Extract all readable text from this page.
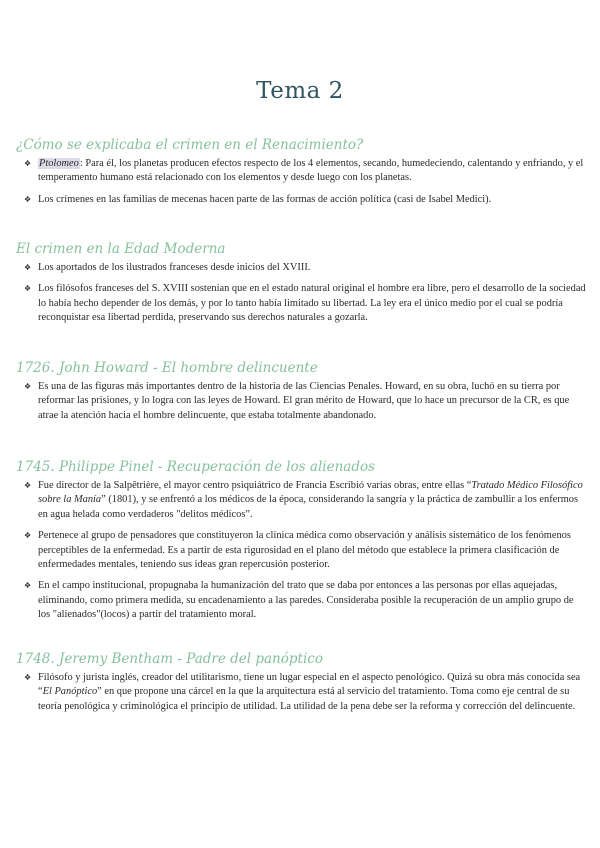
Tema 2
¿Cómo se explicaba el crimen en el Renacimiento?
❖ Ptolomeo: Para él, los planetas producen efectos respecto de los 4 elementos, secando, humedeciendo, calentando y enfriando, y el temperamento humano está relacionado con los elementos y desde luego con los planetas.
❖ Los crímenes en las familias de mecenas hacen parte de las formas de acción política (casi de Isabel Medici).
El crimen en la Edad Moderna
❖ Los aportados de los ilustrados franceses desde inicios del XVIII.
❖ Los filósofos franceses del S. XVIII sostenían que en el estado natural original el hombre era libre, pero el desarrollo de la sociedad lo había hecho depender de los demás, y por lo tanto había limitado su libertad. La ley era el único medio por el cual se podría reconquistar esa libertad perdida, preservando sus derechos naturales a gozarla.
1726. John Howard - El hombre delincuente
❖ Es una de las figuras más importantes dentro de la historia de las Ciencias Penales. Howard, en su obra, luchó en su tierra por reformar las prisiones, y lo logra con las leyes de Howard. El gran mérito de Howard, que lo hace un precursor de la CR, es que atrae la atención hacia el hombre delincuente, que estaba totalmente abandonado.
1745. Philippe Pinel - Recuperación de los alienados
❖ Fue director de la Salpêtrière, el mayor centro psiquiátrico de Francia Escribió varias obras, entre ellas “Tratado Médico Filosófico sobre la Manía” (1801), y se enfrentó a los médicos de la época, considerando la sangría y la práctica de zambullir a los enfermos en agua helada como verdaderos "delitos médicos”.
❖ Pertenece al grupo de pensadores que constituyeron la clínica médica como observación y análisis sistemático de los fenómenos perceptibles de la enfermedad. Es a partir de esta rigurosidad en el plano del método que establece la primera clasificación de enfermedades mentales, teniendo sus ideas gran repercusión posterior.
❖ En el campo institucional, propugnaba la humanización del trato que se daba por entonces a las personas por ellas aquejadas, eliminando, como primera medida, su encadenamiento a las paredes. Consideraba posible la recuperación de un amplio grupo de los "alienados"(locos) a partir del tratamiento moral.
1748. Jeremy Bentham - Padre del panóptico
❖ Filósofo y jurista inglés, creador del utilitarismo, tiene un lugar especial en el aspecto penológico. Quizá su obra más conocida sea “El Panóptico” en que propone una cárcel en la que la arquitectura está al servicio del tratamiento. Toma como eje central de su teoría penológica y criminológica el principio de utilidad. La utilidad de la pena debe ser la reforma y corrección del delincuente.
